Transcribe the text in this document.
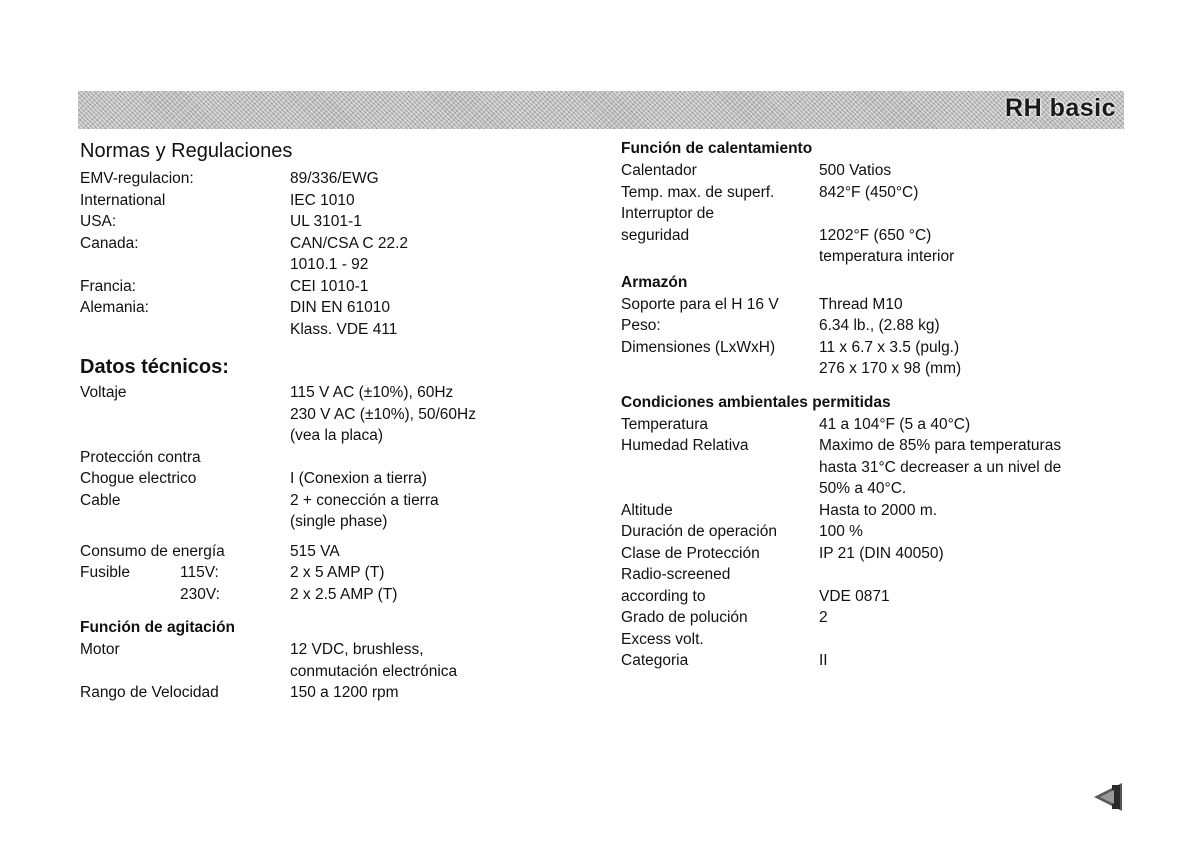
RH basic
Normas y Regulaciones
EMV-regulacion:	89/336/EWG
International	IEC 1010
USA:	UL 3101-1
Canada:	CAN/CSA C 22.2
1010.1 - 92
Francia:	CEI 1010-1
Alemania:	DIN EN 61010
Klass. VDE 411
Datos técnicos:
Voltaje	115 V AC (±10%), 60Hz
230 V AC (±10%), 50/60Hz
(vea la placa)
Protección contra
Chogue electrico	I (Conexion a tierra)
Cable	2 + conección a tierra
(single phase)
Consumo de energía	515 VA
Fusible	115V:	2 x 5 AMP (T)
230V:	2 x 2.5 AMP (T)
Función de agitación
Motor	12 VDC, brushless,
conmutación electrónica
Rango de Velocidad	150 a 1200 rpm
Función de calentamiento
Calentador	500 Vatios
Temp. max. de superf.	842°F (450°C)
Interruptor de
seguridad	1202°F (650 °C)
temperatura interior
Armazón
Soporte para el H 16 V	Thread M10
Peso:	6.34 lb., (2.88 kg)
Dimensiones (LxWxH)	11 x 6.7 x 3.5 (pulg.)
276 x 170 x 98 (mm)
Condiciones ambientales permitidas
Temperatura	41 a 104°F (5 a 40°C)
Humedad Relativa	Maximo de 85% para temperaturas
hasta 31°C decreaser a un nivel de
50% a 40°C.
Altitude	Hasta to 2000 m.
Duración de operación	100 %
Clase de Protección	IP 21 (DIN 40050)
Radio-screened
according to	VDE 0871
Grado de polución	2
Excess volt.
Categoria	II
